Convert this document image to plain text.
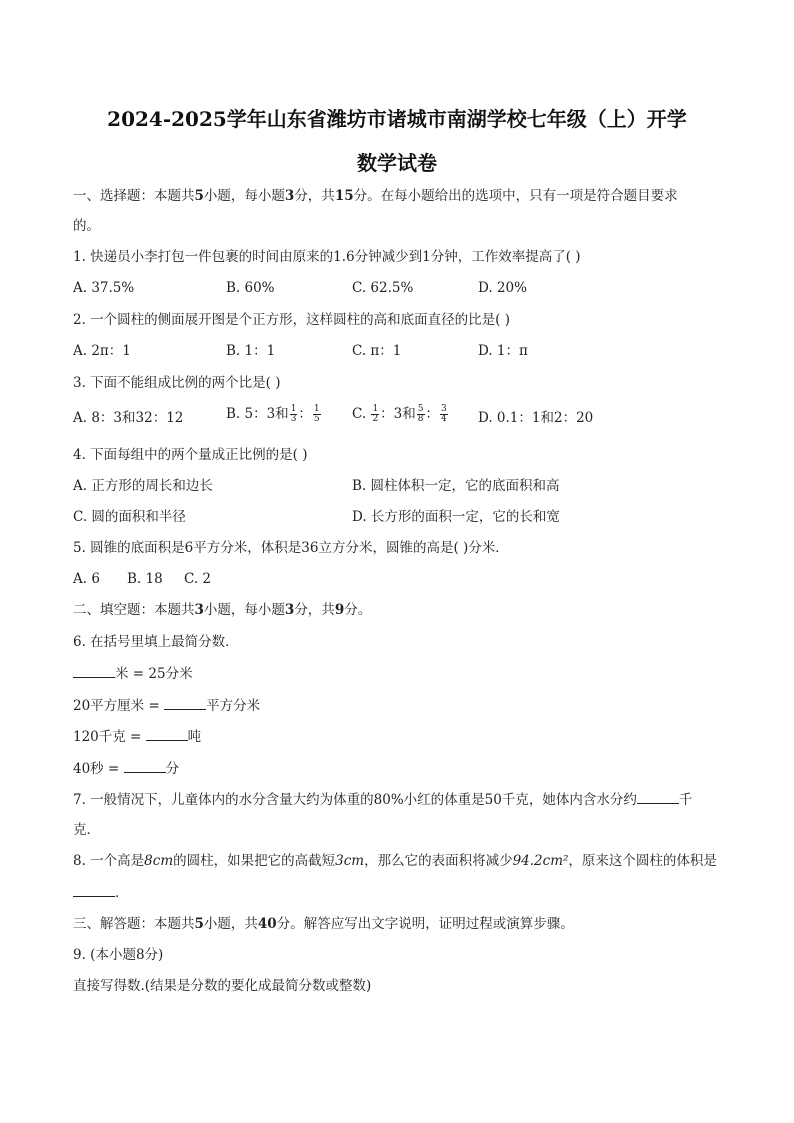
2024-2025学年山东省潍坊市诸城市南湖学校七年级（上）开学
数学试卷
一、选择题：本题共5小题，每小题3分，共15分。在每小题给出的选项中，只有一项是符合题目要求
的。
1. 快递员小李打包一件包裹的时间由原来的1.6分钟减少到1分钟，工作效率提高了( )
A. 37.5%	B. 60%	C. 62.5%	D. 20%
2. 一个圆柱的侧面展开图是个正方形，这样圆柱的高和底面直径的比是( )
A. 2π：1	B. 1：1	C. π：1	D. 1：π
3. 下面不能组成比例的两个比是( )
A. 8：3和32：12	B. 5：3和 $\frac{1}{3}$ ： $\frac{1}{5} C$. $\frac{1}{2}$ ：3和 $\frac{5}{8}$ ： $\frac{3}{4} D$. 0.1：1和2：20
4. 下面每组中的两个量成正比例的是( )
A. 正方形的周长和边长	B. 圆柱体积一定，它的底面积和高
C. 圆的面积和半径	D. 长方形的面积一定，它的长和宽
5. 圆锥的底面积是6平方分米，体积是36立方分米，圆锥的高是( )分米．
A. 6 B. 18 C. 2
二、填空题：本题共3小题，每小题3分，共9分。
6. 在括号里填上最简分数．
米 = 25分米
20平方厘米 =	平方分米
120千克 =	吨
40秒 =	分
7. 一般情况下，儿童体内的水分含量大约为体重的80%小红的体重是50千克，她体内含水分约	千
克．
8. 一个高是8cm的圆柱，如果把它的高截短3cm，那么它的表面积将减少94.2cm²，原来这个圆柱的体积是
．
三、解答题：本题共5小题，共40分。解答应写出文字说明，证明过程或演算步骤。
9. (本小题8分)
直接写得数.(结果是分数的要化成最简分数或整数)
